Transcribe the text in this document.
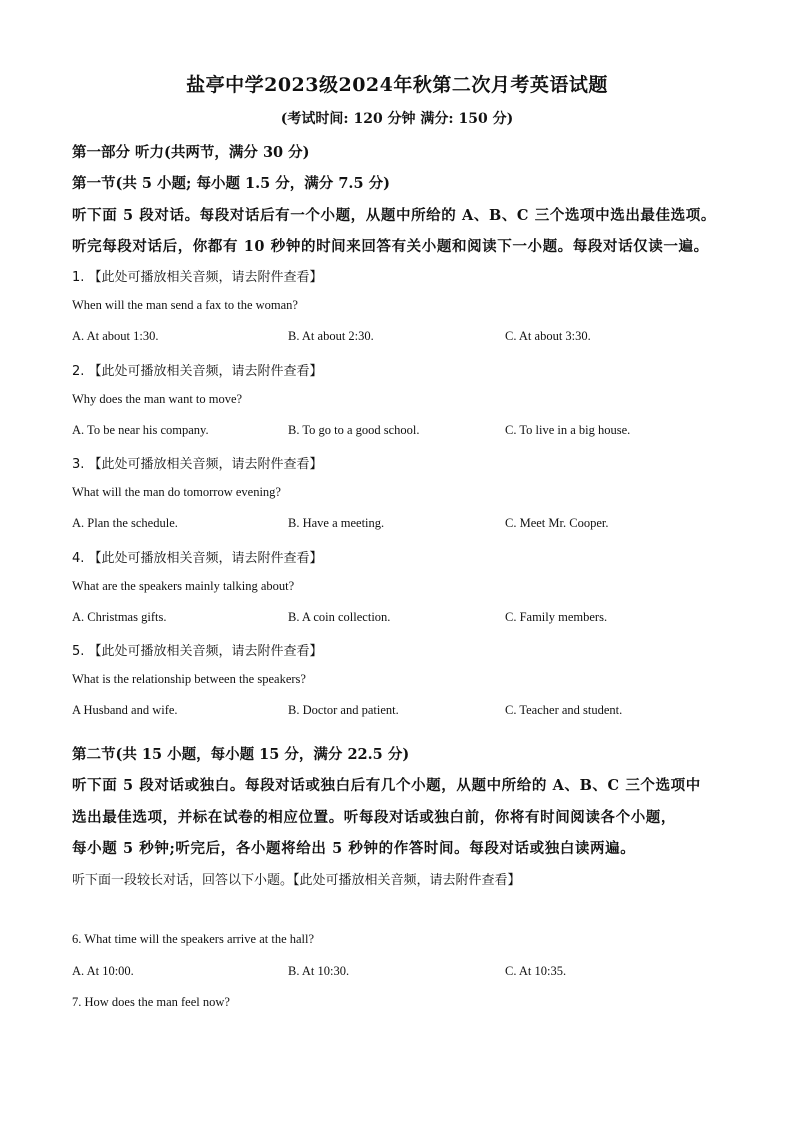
盐亭中学2023级2024年秋第二次月考英语试题
(考试时间: 120 分钟 满分: 150 分)
第一部分 听力(共两节，满分 30 分)
第一节(共 5 小题; 每小题 1.5 分，满分 7.5 分)
听下面 5 段对话。每段对话后有一个小题，从题中所给的 A、B、C 三个选项中选出最佳选项。
听完每段对话后，你都有 10 秒钟的时间来回答有关小题和阅读下一小题。每段对话仅读一遍。
1. 【此处可播放相关音频，请去附件查看】
When will the man send a fax to the woman?
A. At about 1:30.	B. At about 2:30.	C. At about 3:30.
2. 【此处可播放相关音频，请去附件查看】
Why does the man want to move?
A. To be near his company.	B. To go to a good school.	C. To live in a big house.
3. 【此处可播放相关音频，请去附件查看】
What will the man do tomorrow evening?
A. Plan the schedule.	B. Have a meeting.	C. Meet Mr. Cooper.
4. 【此处可播放相关音频，请去附件查看】
What are the speakers mainly talking about?
A. Christmas gifts.	B. A coin collection.	C. Family members.
5. 【此处可播放相关音频，请去附件查看】
What is the relationship between the speakers?
A Husband and wife.	B. Doctor and patient.	C. Teacher and student.
第二节(共 15 小题，每小题 15 分，满分 22.5 分)
听下面 5 段对话或独白。每段对话或独白后有几个小题，从题中所给的 A、B、C 三个选项中
选出最佳选项，并标在试卷的相应位置。听每段对话或独白前，你将有时间阅读各个小题，
每小题 5 秒钟;听完后，各小题将给出 5 秒钟的作答时间。每段对话或独白读两遍。
听下面一段较长对话，回答以下小题。【此处可播放相关音频，请去附件查看】
6. What time will the speakers arrive at the hall?
A. At 10:00.	B. At 10:30.	C. At 10:35.
7. How does the man feel now?
